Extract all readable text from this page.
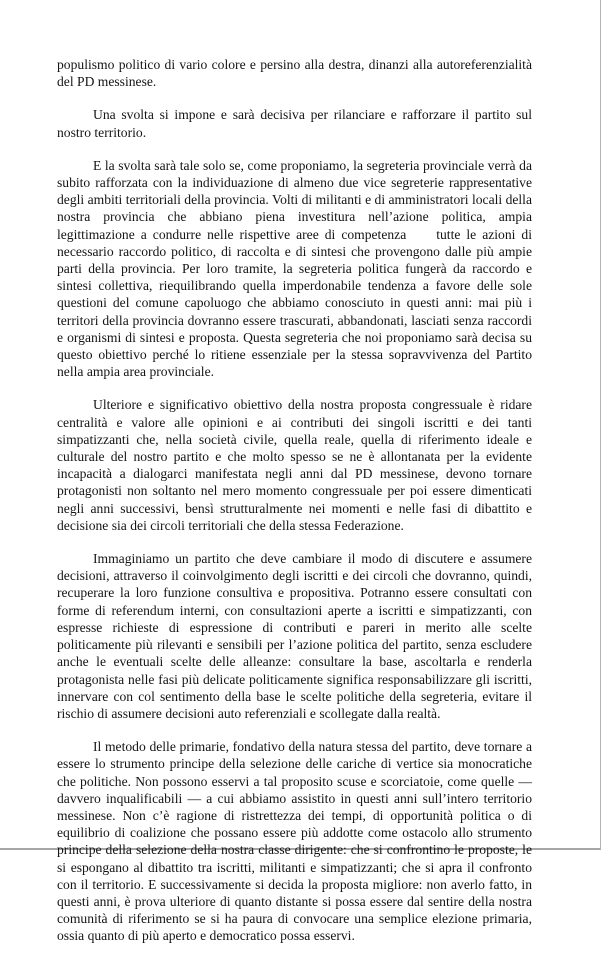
populismo politico di vario colore e persino alla destra, dinanzi alla autoreferenzialità del PD messinese.

Una svolta si impone e sarà decisiva per rilanciare e rafforzare il partito sul nostro territorio.

E la svolta sarà tale solo se, come proponiamo, la segreteria provinciale verrà da subito rafforzata con la individuazione di almeno due vice segreterie rappresentative degli ambiti territoriali della provincia. Volti di militanti e di amministratori locali della nostra provincia che abbiano piena investitura nell’azione politica, ampia legittimazione a condurre nelle rispettive aree di competenza     tutte le azioni di necessario raccordo politico, di raccolta e di sintesi che provengono dalle più ampie parti della provincia. Per loro tramite, la segreteria politica fungerà da raccordo e sintesi collettiva, riequilibrando quella imperdonabile tendenza a favore delle sole questioni del comune capoluogo che abbiamo conosciuto in questi anni: mai più i territori della provincia dovranno essere trascurati, abbandonati, lasciati senza raccordi e organismi di sintesi e proposta. Questa segreteria che noi proponiamo sarà decisa su questo obiettivo perché lo ritiene essenziale per la stessa sopravvivenza del Partito nella ampia area provinciale.

Ulteriore e significativo obiettivo della nostra proposta congressuale è ridare centralità e valore alle opinioni e ai contributi dei singoli iscritti e dei tanti simpatizzanti che, nella società civile, quella reale, quella di riferimento ideale e culturale del nostro partito e che molto spesso se ne è allontanata per la evidente incapacità a dialogarci manifestata negli anni dal PD messinese, devono tornare protagonisti non soltanto nel mero momento congressuale per poi essere dimenticati negli anni successivi, bensì strutturalmente nei momenti e nelle fasi di dibattito e decisione sia dei circoli territoriali che della stessa Federazione.

Immaginiamo un partito che deve cambiare il modo di discutere e assumere decisioni, attraverso il coinvolgimento degli iscritti e dei circoli che dovranno, quindi, recuperare la loro funzione consultiva e propositiva. Potranno essere consultati con forme di referendum interni, con consultazioni aperte a iscritti e simpatizzanti, con espresse richieste di espressione di contributi e pareri in merito alle scelte politicamente più rilevanti e sensibili per l’azione politica del partito, senza escludere anche le eventuali scelte delle alleanze: consultare la base, ascoltarla e renderla protagonista nelle fasi più delicate politicamente significa responsabilizzare gli iscritti, innervare con col sentimento della base le scelte politiche della segreteria, evitare il rischio di assumere decisioni auto referenziali e scollegate dalla realtà.

Il metodo delle primarie, fondativo della natura stessa del partito, deve tornare a essere lo strumento principe della selezione delle cariche di vertice sia monocratiche che politiche. Non possono esservi a tal proposito scuse e scorciatoie, come quelle — davvero inqualificabili — a cui abbiamo assistito in questi anni sull’intero territorio messinese. Non c’è ragione di ristrettezza dei tempi, di opportunità politica o di equilibrio di coalizione che possano essere più addotte come ostacolo allo strumento principe della selezione della nostra classe dirigente: che si confrontino le proposte, le si espongano al dibattito tra iscritti, militanti e simpatizzanti; che si apra il confronto con il territorio. E successivamente si decida la proposta migliore: non averlo fatto, in questi anni, è prova ulteriore di quanto distante si possa essere dal sentire della nostra comunità di riferimento se si ha paura di convocare una semplice elezione primaria, ossia quanto di più aperto e democratico possa esservi.
